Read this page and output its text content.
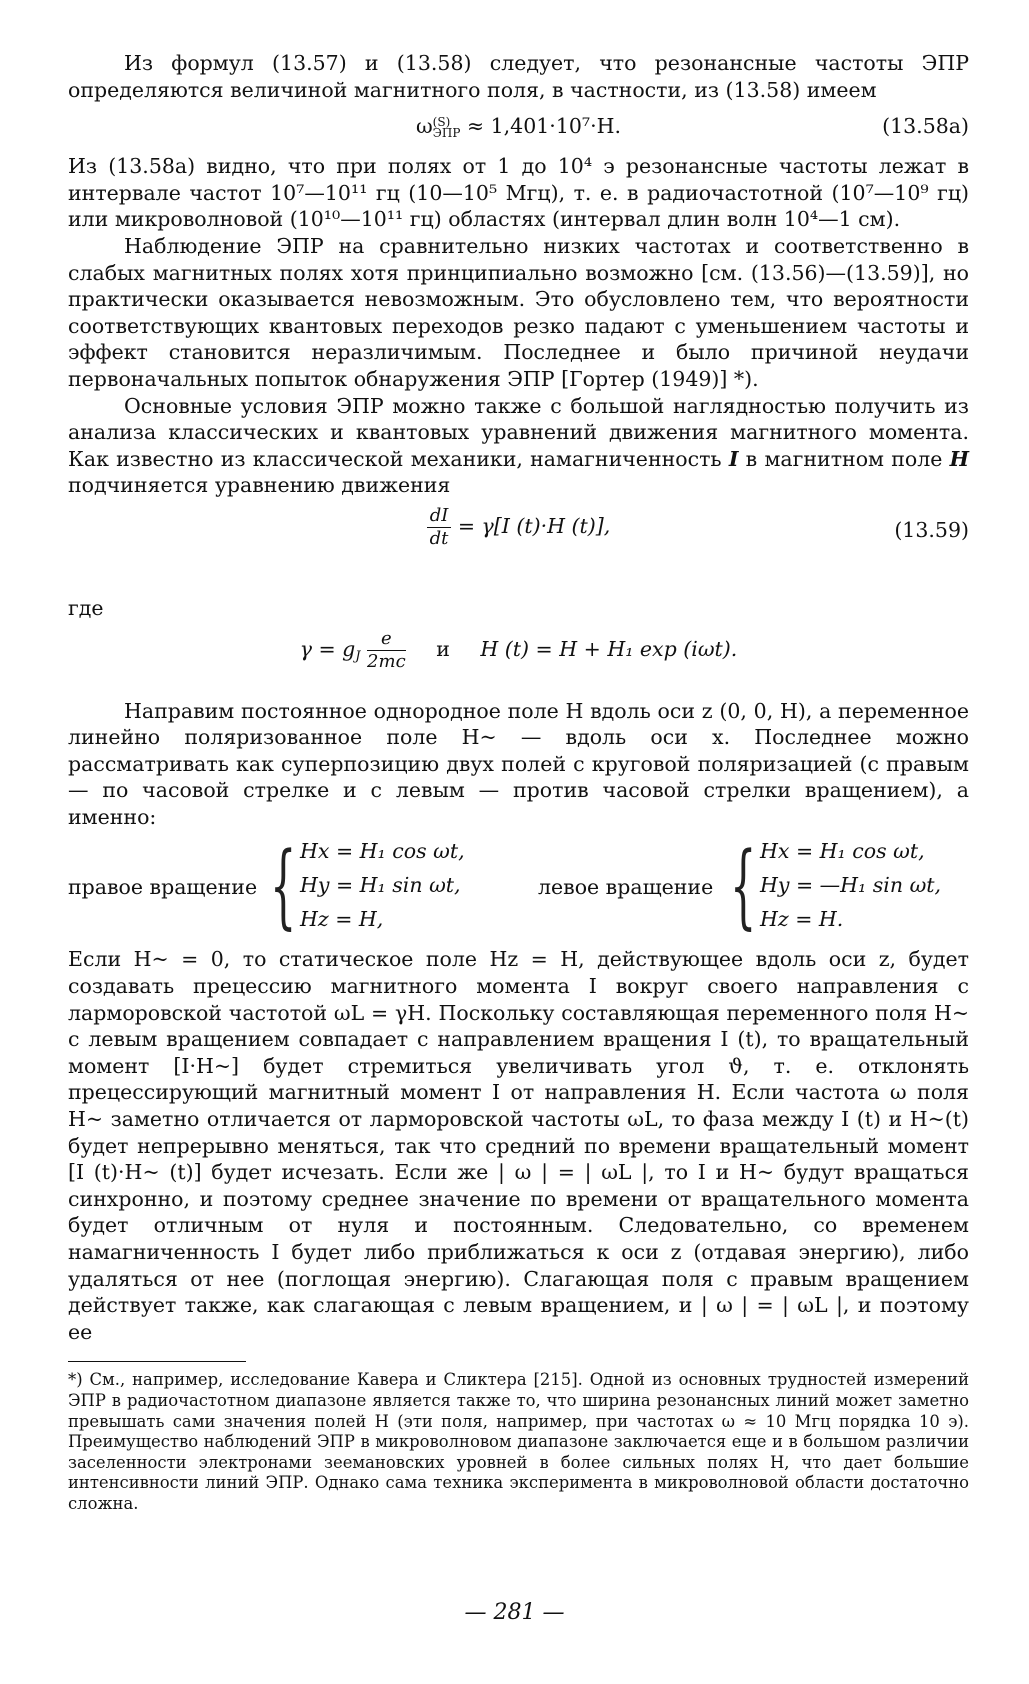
Из формул (13.57) и (13.58) следует, что резонансные частоты ЭПР определяются величиной магнитного поля, в частности, из (13.58) имеем

ω (S)
ЭПР ≈ 1,401·10⁷·H.	(13.58а)

Из (13.58а) видно, что при полях от 1 до 10⁴ э резонансные частоты лежат в интервале частот 10⁷—10¹¹ гц (10—10⁵ Мгц), т. е. в радиочастотной (10⁷—10⁹ гц) или микроволновой (10¹⁰—10¹¹ гц) областях (интервал длин волн 10⁴—1 см).

Наблюдение ЭПР на сравнительно низких частотах и соответственно в слабых магнитных полях хотя принципиально возможно [см. (13.56)—(13.59)], но практически оказывается невозможным. Это обусловлено тем, что вероятности соответствующих квантовых переходов резко падают с уменьшением частоты и эффект становится неразличимым. Последнее и было причиной неудачи первоначальных попыток обнаружения ЭПР [Гортер (1949)] *).

Основные условия ЭПР можно также с большой наглядностью получить из анализа классических и квантовых уравнений движения магнитного момента. Как известно из классической механики, намагниченность I в магнитном поле H подчиняется уравнению движения

$\frac{dI}{dt} = \gamma[I$ (t)·H (t)],	(13.59)

где

$\gamma = g_J \frac{e}{2mc}$ и H (t) = H + H₁ exp (iωt).

Направим постоянное однородное поле H вдоль оси z (0, 0, H), а переменное линейно поляризованное поле H~ — вдоль оси x. Последнее можно рассматривать как суперпозицию двух полей с круговой поляризацией (с правым — по часовой стрелке и с левым — против часовой стрелки вращением), а именно:

правое вращение { Hx = H₁ cos ωt,
Hy = H₁ sin ωt,
Hz = H,
левое вращение { Hx = H₁ cos ωt,
Hy = —H₁ sin ωt,
Hz = H.

Если H~ = 0, то статическое поле Hz = H, действующее вдоль оси z, будет создавать прецессию магнитного момента I вокруг своего направления с ларморовской частотой ωL = γH. Поскольку составляющая переменного поля H~ с левым вращением совпадает с направлением вращения I (t), то вращательный момент [I·H~] будет стремиться увеличивать угол ϑ, т. е. отклонять прецессирующий магнитный момент I от направления H. Если частота ω поля H~ заметно отличается от ларморовской частоты ωL, то фаза между I (t) и H~(t) будет непрерывно меняться, так что средний по времени вращательный момент [I (t)·H~ (t)] будет исчезать. Если же | ω | = | ωL |, то I и H~ будут вращаться синхронно, и поэтому среднее значение по времени от вращательного момента будет отличным от нуля и постоянным. Следовательно, со временем намагниченность I будет либо приближаться к оси z (отдавая энергию), либо удаляться от нее (поглощая энергию). Слагающая поля с правым вращением действует также, как слагающая с левым вращением, и | ω | = | ωL |, и поэтому ее

*) См., например, исследование Кавера и Сликтера [215]. Одной из основных трудностей измерений ЭПР в радиочастотном диапазоне является также то, что ширина резонансных линий может заметно превышать сами значения полей H (эти поля, например, при частотах ω ≈ 10 Мгц порядка 10 э). Преимущество наблюдений ЭПР в микроволновом диапазоне заключается еще и в большом различии заселенности электронами зеемановских уровней в более сильных полях H, что дает большие интенсивности линий ЭПР. Однако сама техника эксперимента в микроволновой области достаточно сложна.

— 281 —
